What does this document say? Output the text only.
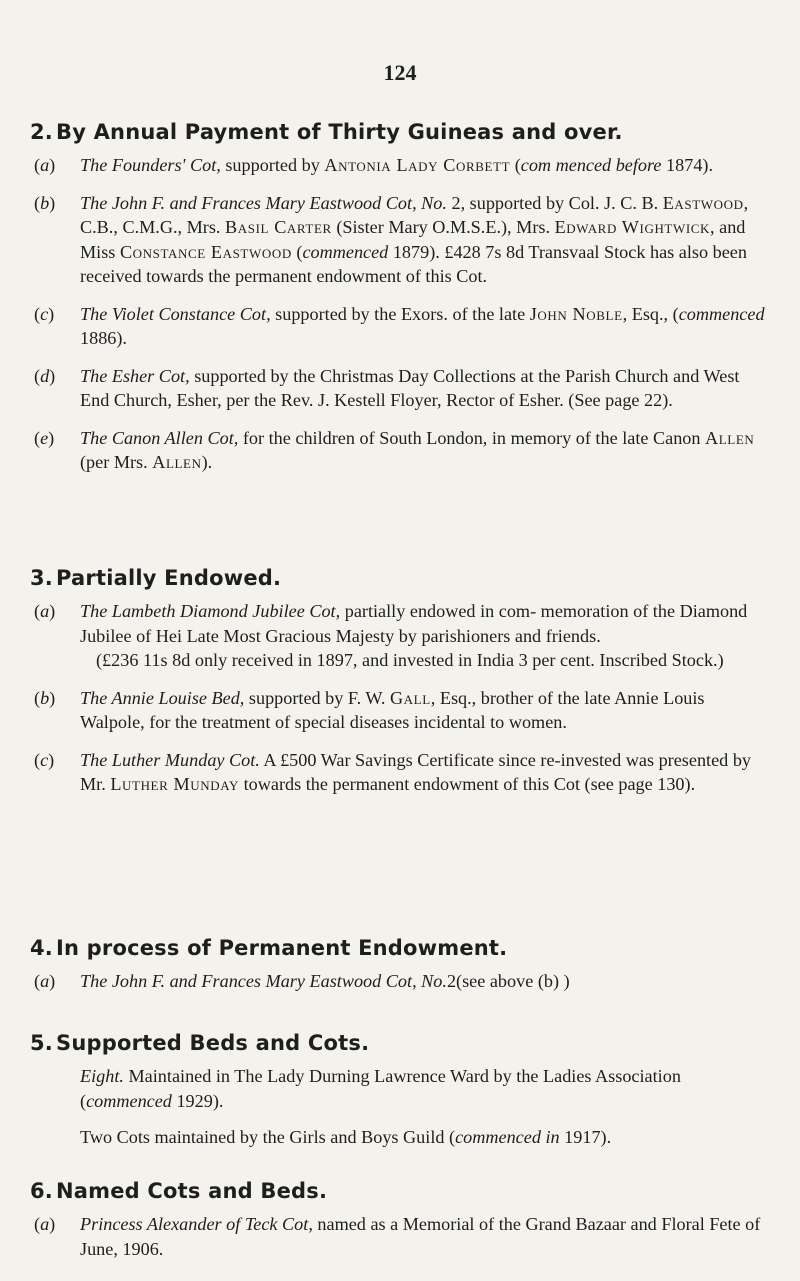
124
2. By Annual Payment of Thirty Guineas and over.
(a) The Founders' Cot, supported by Antonia Lady Corbett (com menced before 1874).
(b) The John F. and Frances Mary Eastwood Cot, No. 2, supported by Col. J. C. B. Eastwood, C.B., C.M.G., Mrs. Basil Carter (Sister Mary O.M.S.E.), Mrs. Edward Wightwick, and Miss Constance Eastwood (commenced 1879). £428 7s 8d Transvaal Stock has also been received towards the permanent endowment of this Cot.
(c) The Violet Constance Cot, supported by the Exors. of the late John Noble, Esq., (commenced 1886).
(d) The Esher Cot, supported by the Christmas Day Collections at the Parish Church and West End Church, Esher, per the Rev. J. Kestell Floyer, Rector of Esher. (See page 22).
(e) The Canon Allen Cot, for the children of South London, in memory of the late Canon Allen (per Mrs. Allen).
3. Partially Endowed.
(a) The Lambeth Diamond Jubilee Cot, partially endowed in com- memoration of the Diamond Jubilee of Hei Late Most Gracious Majesty by parishioners and friends.
(£236 11s 8d only received in 1897, and invested in India 3 per cent. Inscribed Stock.)
(b) The Annie Louise Bed, supported by F. W. Gall, Esq., brother of the late Annie Louis Walpole, for the treatment of special diseases incidental to women.
(c) The Luther Munday Cot. A £500 War Savings Certificate since re-invested was presented by Mr. Luther Munday towards the permanent endowment of this Cot (see page 130).
4. In process of Permanent Endowment.
(a) The John F. and Frances Mary Eastwood Cot, No.2(see above (b) )
5. Supported Beds and Cots.
Eight. Maintained in The Lady Durning Lawrence Ward by the Ladies Association (commenced 1929).
Two Cots maintained by the Girls and Boys Guild (commenced in 1917).
6. Named Cots and Beds.
(a) Princess Alexander of Teck Cot, named as a Memorial of the Grand Bazaar and Floral Fete of June, 1906.
